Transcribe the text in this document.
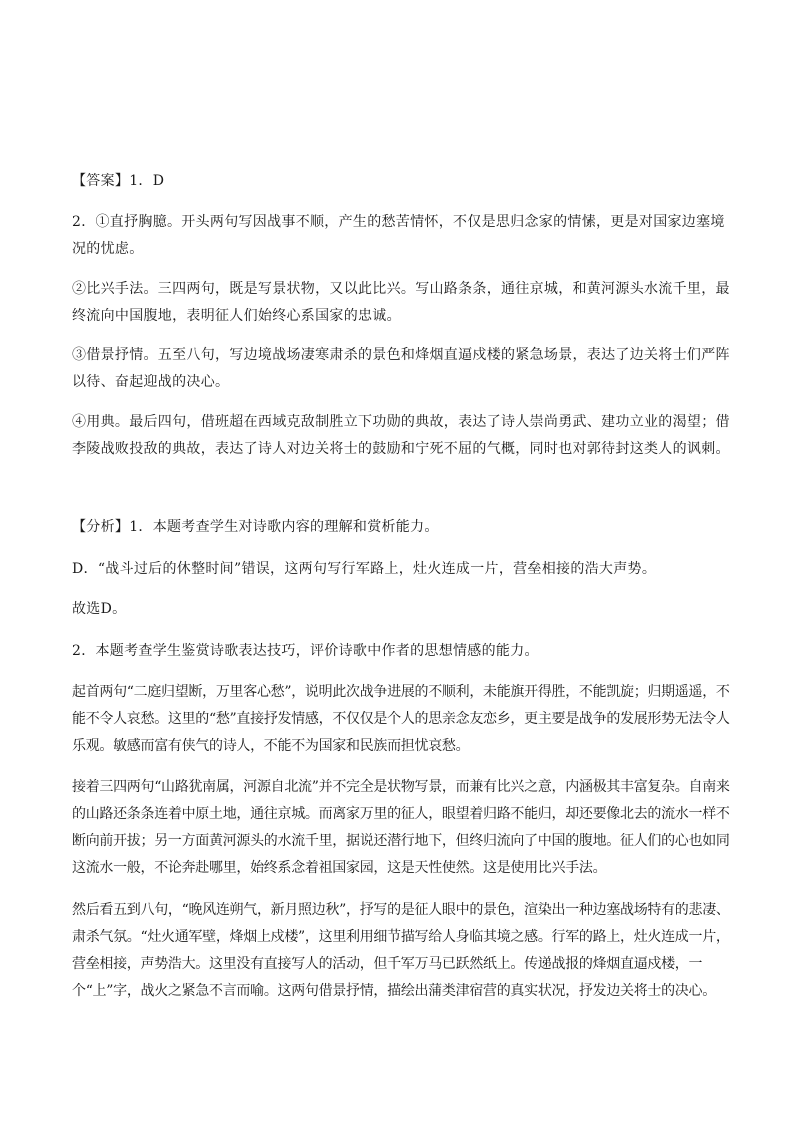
【答案】1．D

2．①直抒胸臆。开头两句写因战事不顺，产生的愁苦情怀，不仅是思归念家的情愫，更是对国家边塞境况的忧虑。

②比兴手法。三四两句，既是写景状物，又以此比兴。写山路条条，通往京城，和黄河源头水流千里，最终流向中国腹地，表明征人们始终心系国家的忠诚。

③借景抒情。五至八句，写边境战场凄寒肃杀的景色和烽烟直逼戍楼的紧急场景，表达了边关将士们严阵以待、奋起迎战的决心。

④用典。最后四句，借班超在西域克敌制胜立下功勋的典故，表达了诗人崇尚勇武、建功立业的渴望；借李陵战败投敌的典故，表达了诗人对边关将士的鼓励和宁死不屈的气概，同时也对郭待封这类人的讽刺。

【分析】1．本题考查学生对诗歌内容的理解和赏析能力。

D．“战斗过后的休整时间”错误，这两句写行军路上，灶火连成一片，营垒相接的浩大声势。

故选D。

2．本题考查学生鉴赏诗歌表达技巧，评价诗歌中作者的思想情感的能力。

起首两句“二庭归望断，万里客心愁”，说明此次战争进展的不顺利，未能旗开得胜，不能凯旋；归期遥遥，不能不令人哀愁。这里的“愁”直接抒发情感，不仅仅是个人的思亲念友恋乡，更主要是战争的发展形势无法令人乐观。敏感而富有侠气的诗人，不能不为国家和民族而担忧哀愁。

接着三四两句“山路犹南属，河源自北流”并不完全是状物写景，而兼有比兴之意，内涵极其丰富复杂。自南来的山路还条条连着中原土地，通往京城。而离家万里的征人，眼望着归路不能归，却还要像北去的流水一样不断向前开拔；另一方面黄河源头的水流千里，据说还潜行地下，但终归流向了中国的腹地。征人们的心也如同这流水一般，不论奔赴哪里，始终系念着祖国家园，这是天性使然。这是使用比兴手法。

然后看五到八句，“晚风连朔气，新月照边秋”，抒写的是征人眼中的景色，渲染出一种边塞战场特有的悲凄、肃杀气氛。“灶火通军壁，烽烟上戍楼”，这里利用细节描写给人身临其境之感。行军的路上，灶火连成一片，营垒相接，声势浩大。这里没有直接写人的活动，但千军万马已跃然纸上。传递战报的烽烟直逼戍楼，一个“上”字，战火之紧急不言而喻。这两句借景抒情，描绘出蒲类津宿营的真实状况，抒发边关将士的决心。
